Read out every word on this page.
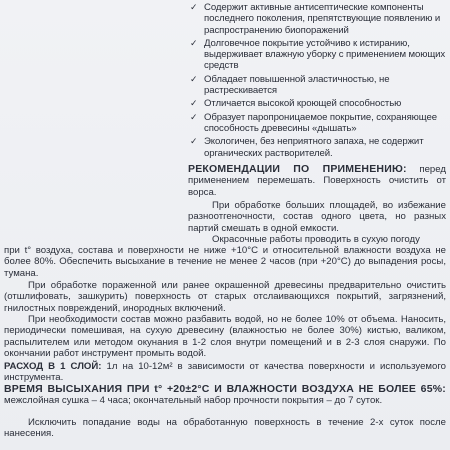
✓ Содержит активные антисептические компоненты последнего поколения, препятствующие появлению и распространению биопоражений
✓ Долговечное покрытие устойчиво к истиранию, выдерживает влажную уборку с применением моющих средств
✓ Обладает повышенной эластичностью, не растрескивается
✓ Отличается высокой кроющей способностью
✓ Образует паропроницаемое покрытие, сохраняющее способность древесины «дышать»
✓ Экологичен, без неприятного запаха, не содержит органических растворителей.
РЕКОМЕНДАЦИИ ПО ПРИМЕНЕНИЮ: перед применением перемешать. Поверхность очистить от ворса.
При обработке больших площадей, во избежание разноотгеночности, состав одного цвета, но разных партий смешать в одной емкости.
Окрасочные работы проводить в сухую погоду
при t° воздуха, состава и поверхности не ниже +10°С и относительной влажности воздуха не более 80%. Обеспечить высыхание в течение не менее 2 часов (при +20°С) до выпадения росы, тумана.
При обработке пораженной или ранее окрашенной древесины предварительно очистить (отшлифовать, зашкурить) поверхность от старых отслаивающихся покрытий, загрязнений, гнилостных повреждений, инородных включений.
При необходимости состав можно разбавить водой, но не более 10% от объема. Наносить, периодически помешивая, на сухую древесину (влажностью не более 30%) кистью, валиком, распылителем или методом окунания в 1-2 слоя внутри помещений и в 2-3 слоя снаружи. По окончании работ инструмент промыть водой.
РАСХОД В 1 СЛОЙ: 1л на 10-12м² в зависимости от качества поверхности и используемого инструмента.
ВРЕМЯ ВЫСЫХАНИЯ ПРИ t° +20±2°С И ВЛАЖНОСТИ ВОЗДУХА НЕ БОЛЕЕ 65%: межслойная сушка – 4 часа; окончательный набор прочности покрытия – до 7 суток.
Исключить попадание воды на обработанную поверхность в течение 2-х суток после нанесения.
